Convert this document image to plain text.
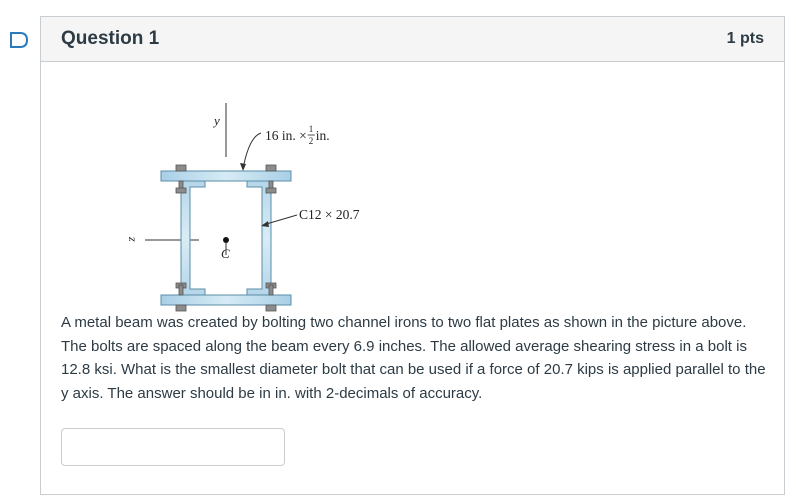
Question 1	1 pts
y
z
C
16 in. × 1
2 in.
C12 × 20.7

A metal beam was created by bolting two channel irons to two flat plates as shown in the picture above. The bolts are spaced along the beam every 6.9 inches. The allowed average shearing stress in a bolt is 12.8 ksi. What is the smallest diameter bolt that can be used if a force of 20.7 kips is applied parallel to the y axis. The answer should be in in. with 2-decimals of accuracy.
